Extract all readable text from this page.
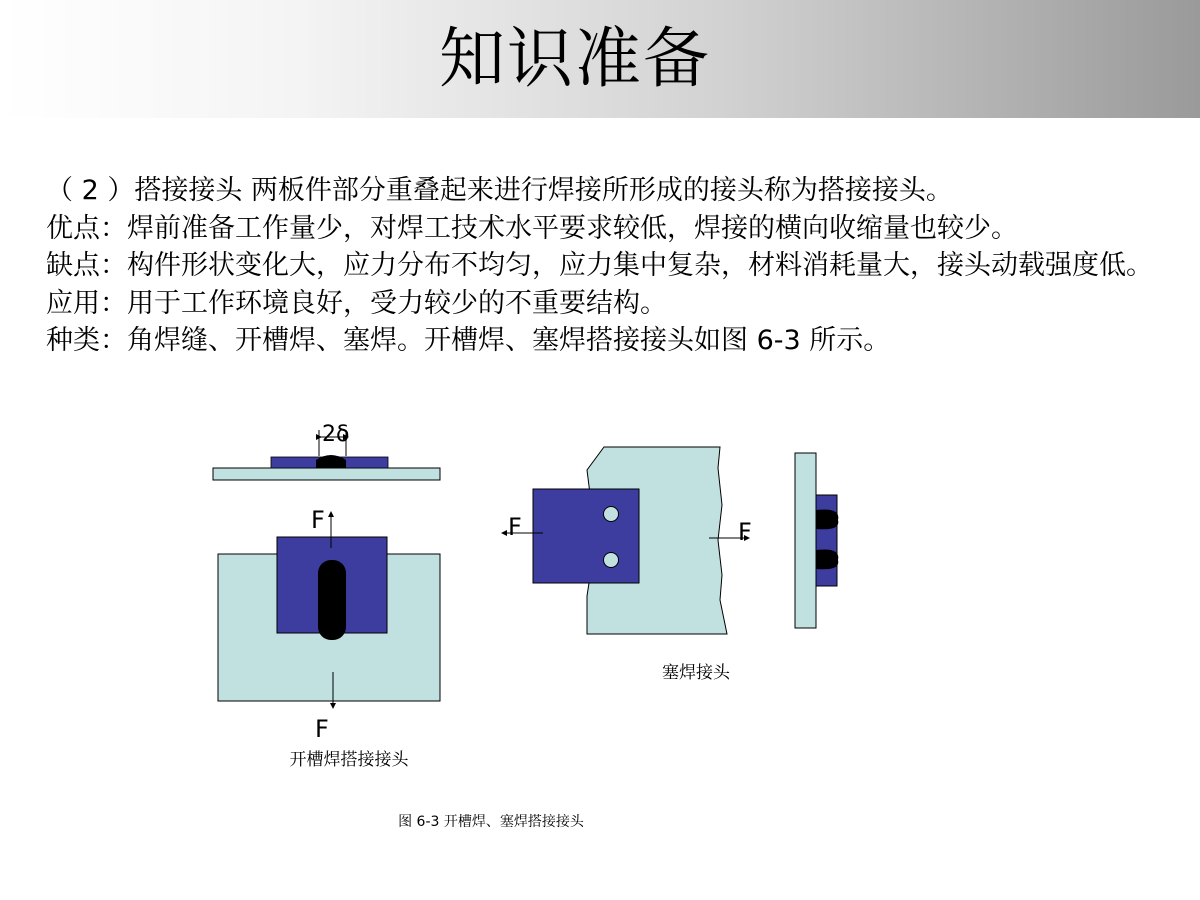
知识准备

（ 2 ）搭接接头 两板件部分重叠起来进行焊接所形成的接头称为搭接接头。

优点：焊前准备工作量少，对焊工技术水平要求较低，焊接的横向收缩量也较少。

缺点：构件形状变化大，应力分布不均匀，应力集中复杂，材料消耗量大，接头动载强度低。

应用：用于工作环境良好，受力较少的不重要结构。

种类：角焊缝、开槽焊、塞焊。开槽焊、塞焊搭接接头如图 6-3 所示。

2δ
F
F
开槽焊搭接接头
F	F
塞焊接头
图 6-3 开槽焊、塞焊搭接接头
